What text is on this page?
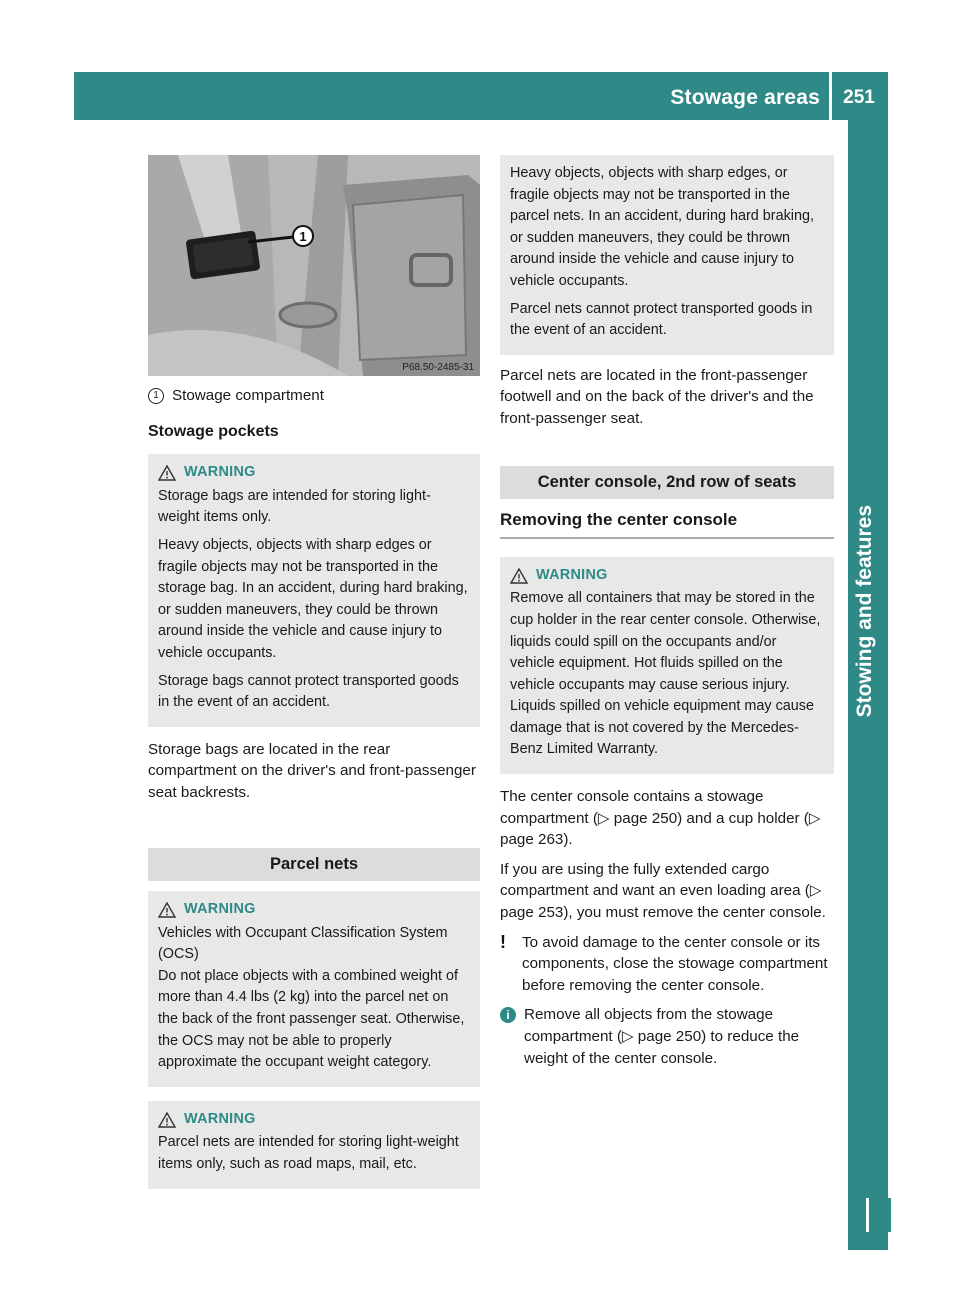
Stowage areas	251
Stowing and features
1
P68.50-2485-31
1 Stowage compartment
Stowage pockets
WARNING

Storage bags are intended for storing light-weight items only.

Heavy objects, objects with sharp edges or fragile objects may not be transported in the storage bag. In an accident, during hard braking, or sudden maneuvers, they could be thrown around inside the vehicle and cause injury to vehicle occupants.

Storage bags cannot protect transported goods in the event of an accident.

Storage bags are located in the rear compartment on the driver's and front-passenger seat backrests.

Parcel nets
WARNING

Vehicles with Occupant Classification System (OCS)

Do not place objects with a combined weight of more than 4.4 lbs (2 kg) into the parcel net on the back of the front passenger seat. Otherwise, the OCS may not be able to properly approximate the occupant weight category.

WARNING

Parcel nets are intended for storing light-weight items only, such as road maps, mail, etc.

Heavy objects, objects with sharp edges, or fragile objects may not be transported in the parcel nets. In an accident, during hard braking, or sudden maneuvers, they could be thrown around inside the vehicle and cause injury to vehicle occupants.

Parcel nets cannot protect transported goods in the event of an accident.

Parcel nets are located in the front-passenger footwell and on the back of the driver's and the front-passenger seat.

Center console, 2nd row of seats
Removing the center console
WARNING

Remove all containers that may be stored in the cup holder in the rear center console. Otherwise, liquids could spill on the occupants and/or vehicle equipment. Hot fluids spilled on the vehicle occupants may cause serious injury. Liquids spilled on vehicle equipment may cause damage that is not covered by the Mercedes-Benz Limited Warranty.

The center console contains a stowage compartment (▷ page 250) and a cup holder (▷ page 263).

If you are using the fully extended cargo compartment and want an even loading area (▷ page 253), you must remove the center console.

!	To avoid damage to the center console or its components, close the stowage compartment before removing the center console.
i Remove all objects from the stowage compartment (▷ page 250) to reduce the weight of the center console.
